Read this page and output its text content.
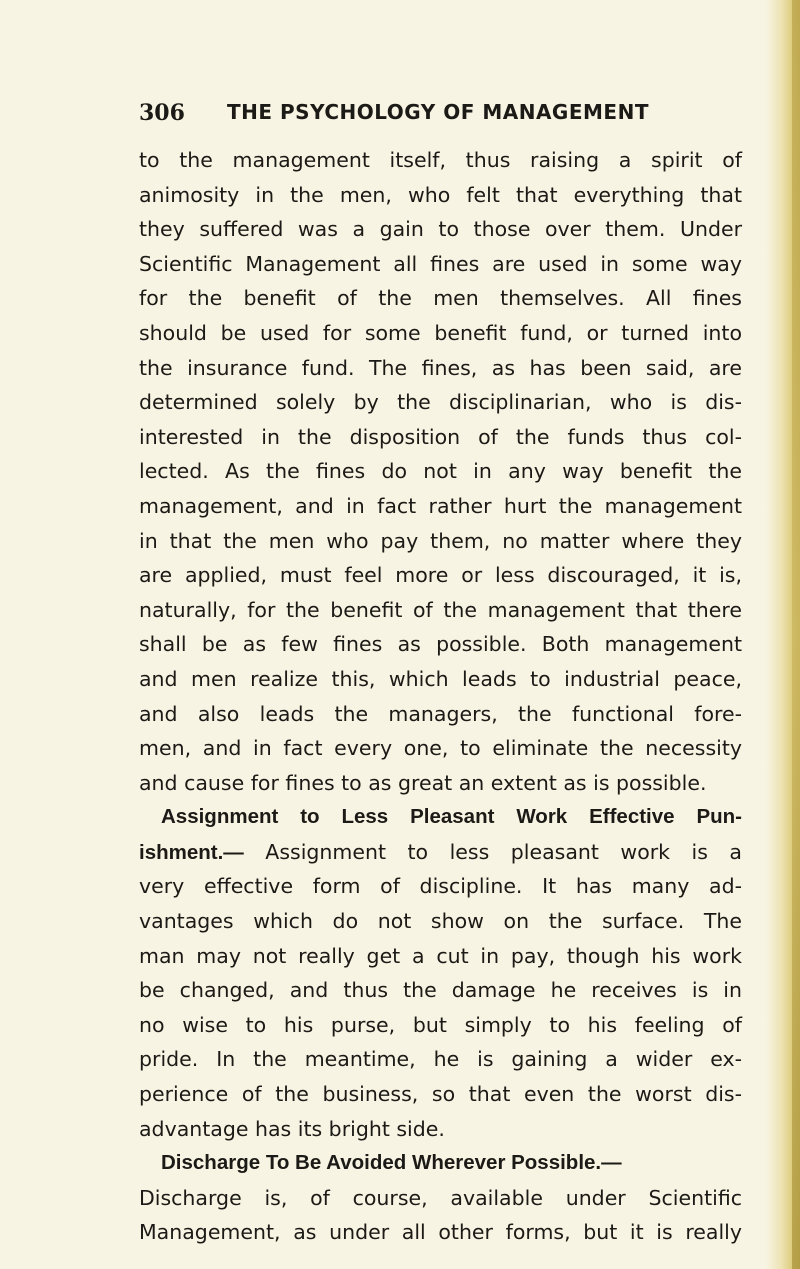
306 THE PSYCHOLOGY OF MANAGEMENT
to the management itself, thus raising a spirit of
animosity in the men, who felt that everything that
they suffered was a gain to those over them. Under
Scientific Management all fines are used in some way
for the benefit of the men themselves. All fines
should be used for some benefit fund, or turned into
the insurance fund. The fines, as has been said, are
determined solely by the disciplinarian, who is dis-
interested in the disposition of the funds thus col-
lected. As the fines do not in any way benefit the
management, and in fact rather hurt the management
in that the men who pay them, no matter where they
are applied, must feel more or less discouraged, it is,
naturally, for the benefit of the management that there
shall be as few fines as possible. Both management
and men realize this, which leads to industrial peace,
and also leads the managers, the functional fore-
men, and in fact every one, to eliminate the necessity
and cause for fines to as great an extent as is possible.
Assignment to Less Pleasant Work Effective Pun-
ishment.— Assignment to less pleasant work is a
very effective form of discipline. It has many ad-
vantages which do not show on the surface. The
man may not really get a cut in pay, though his work
be changed, and thus the damage he receives is in
no wise to his purse, but simply to his feeling of
pride. In the meantime, he is gaining a wider ex-
perience of the business, so that even the worst dis-
advantage has its bright side.
Discharge To Be Avoided Wherever Possible.—
Discharge is, of course, available under Scientific
Management, as under all other forms, but it is really
